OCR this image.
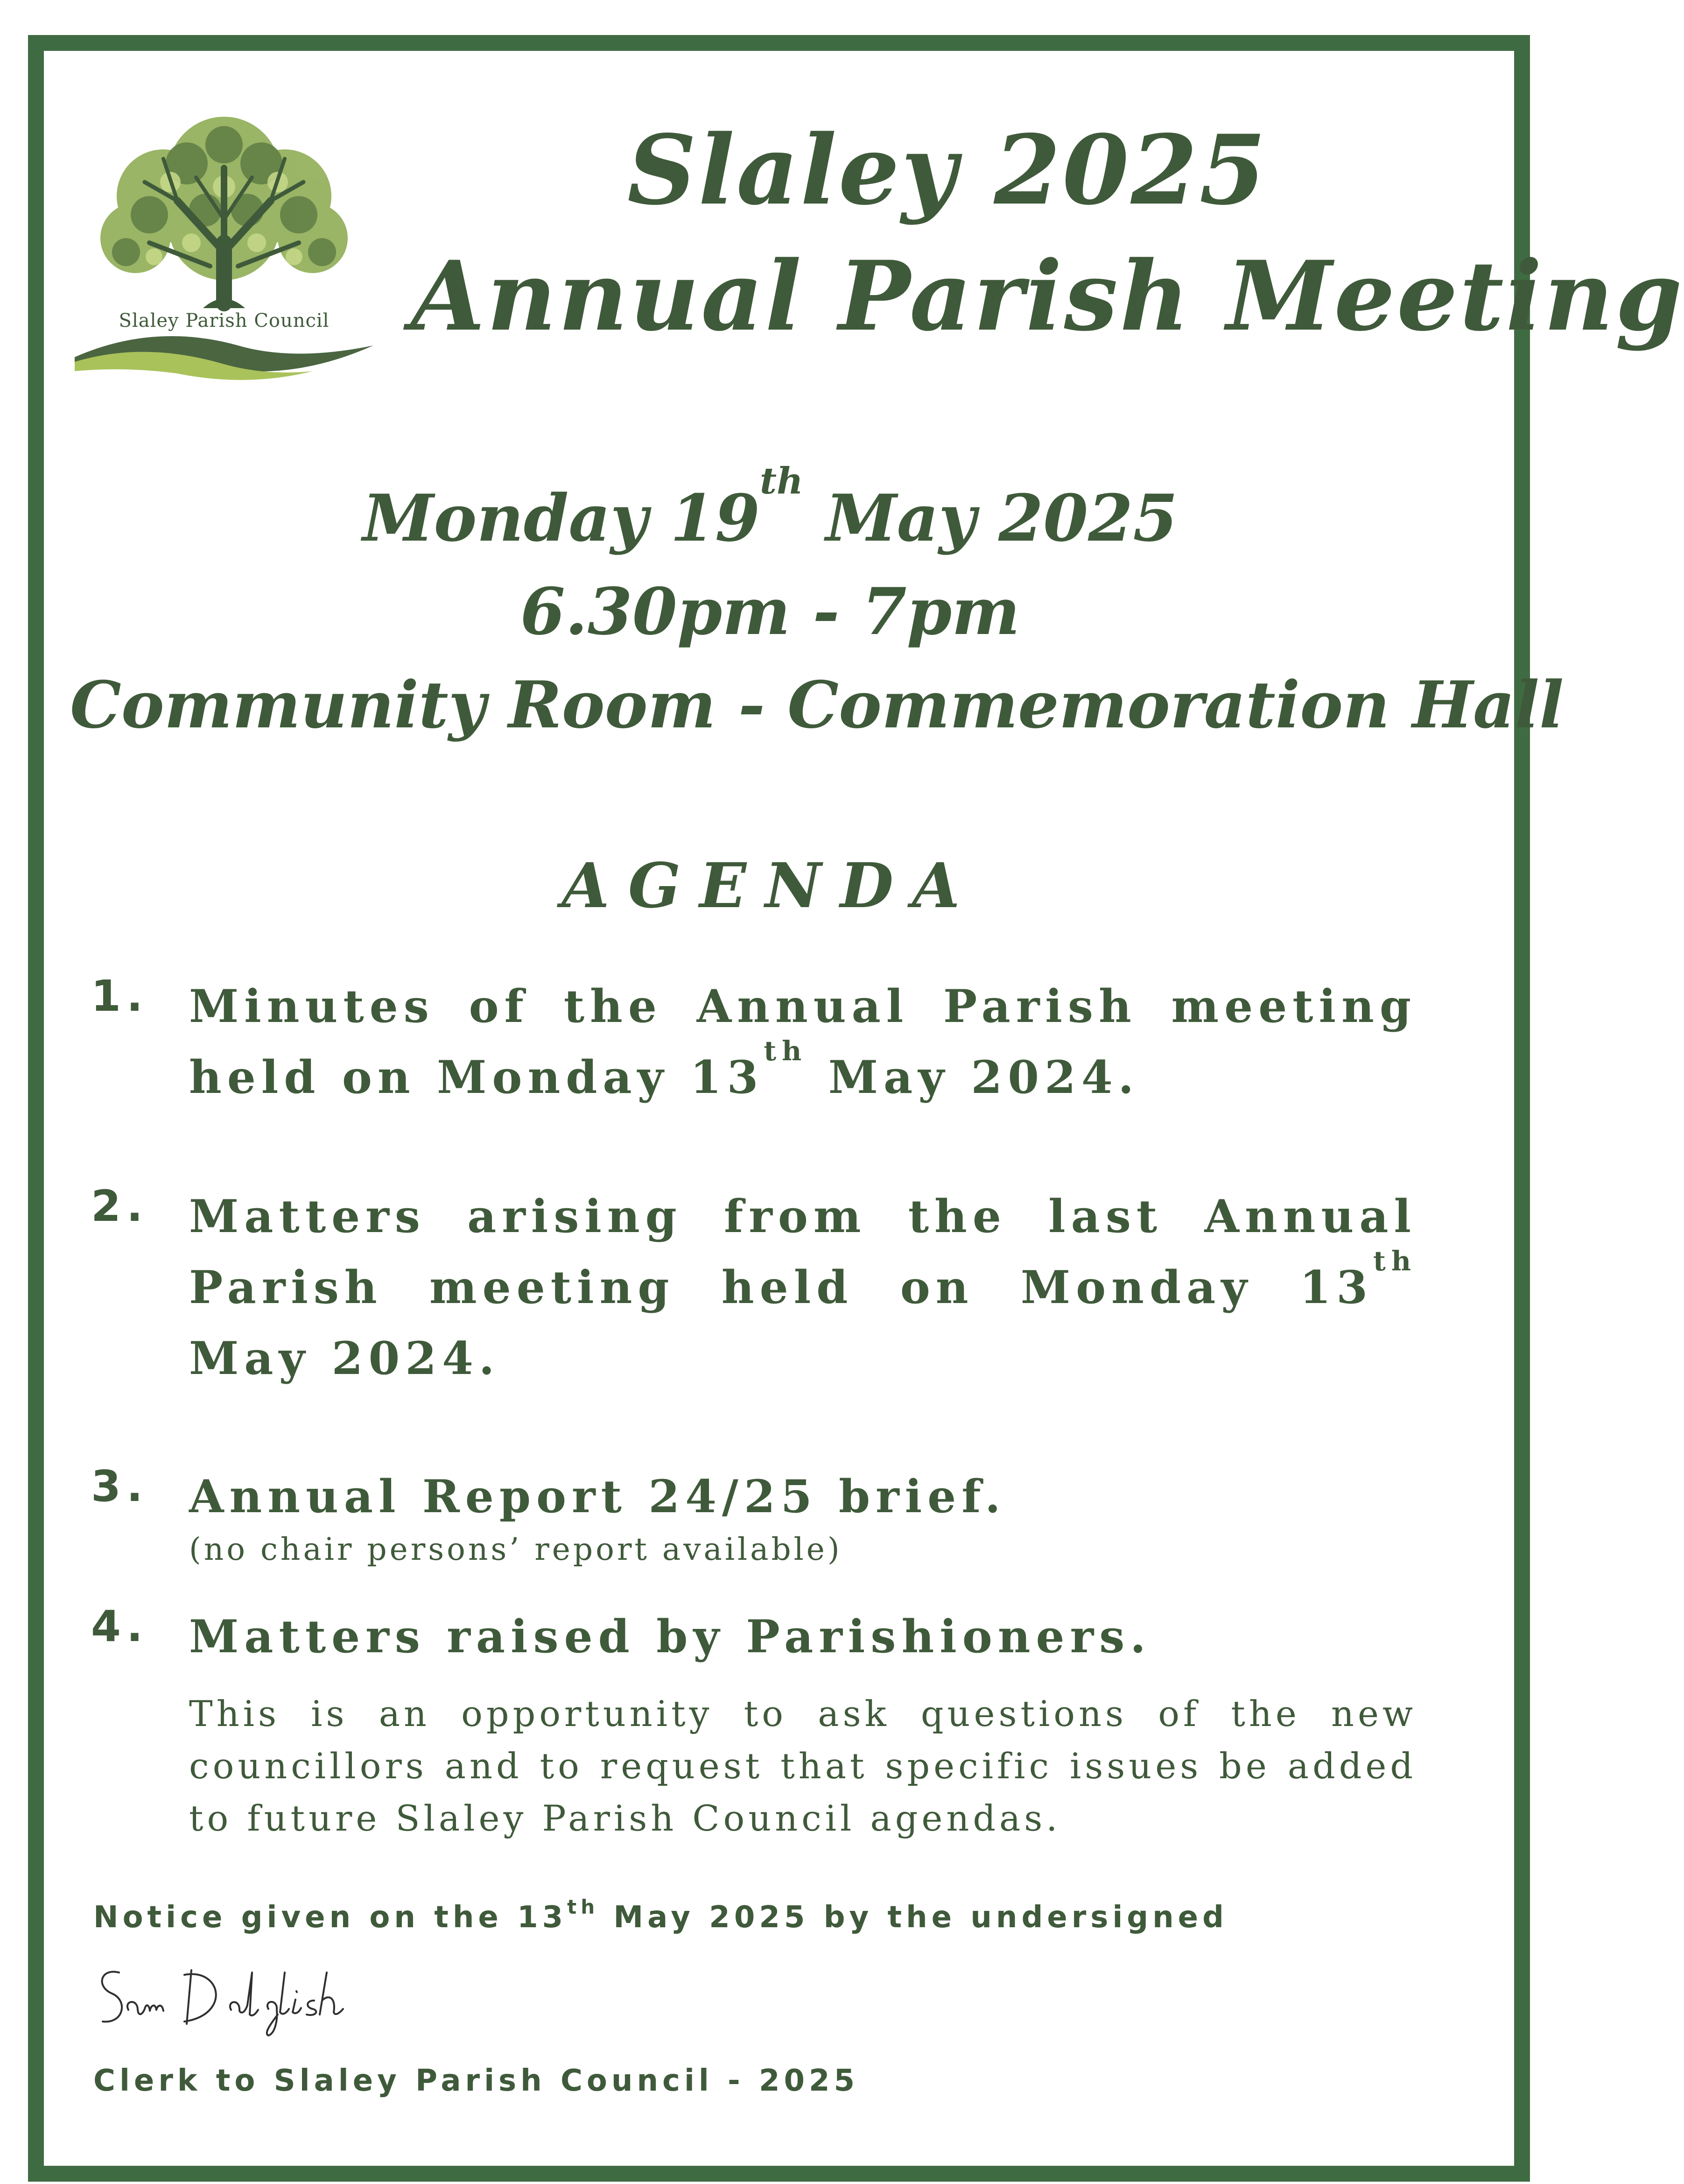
Slaley Parish Council
Slaley 2025
Annual Parish Meeting
Monday 19th May 2025
6.30pm - 7pm
Community Room - Commemoration Hall
AGENDA
1. Minutes of the Annual Parish meeting held on Monday 13th May 2024.
2. Matters arising from the last Annual Parish meeting held on Monday 13th May 2024.
3. Annual Report 24/25 brief.
(no chair persons’ report available)
4. Matters raised by Parishioners.
This is an opportunity to ask questions of the new councillors and to request that specific issues be added to future Slaley Parish Council agendas.
Notice given on the 13th May 2025 by the undersigned
Clerk to Slaley Parish Council - 2025
